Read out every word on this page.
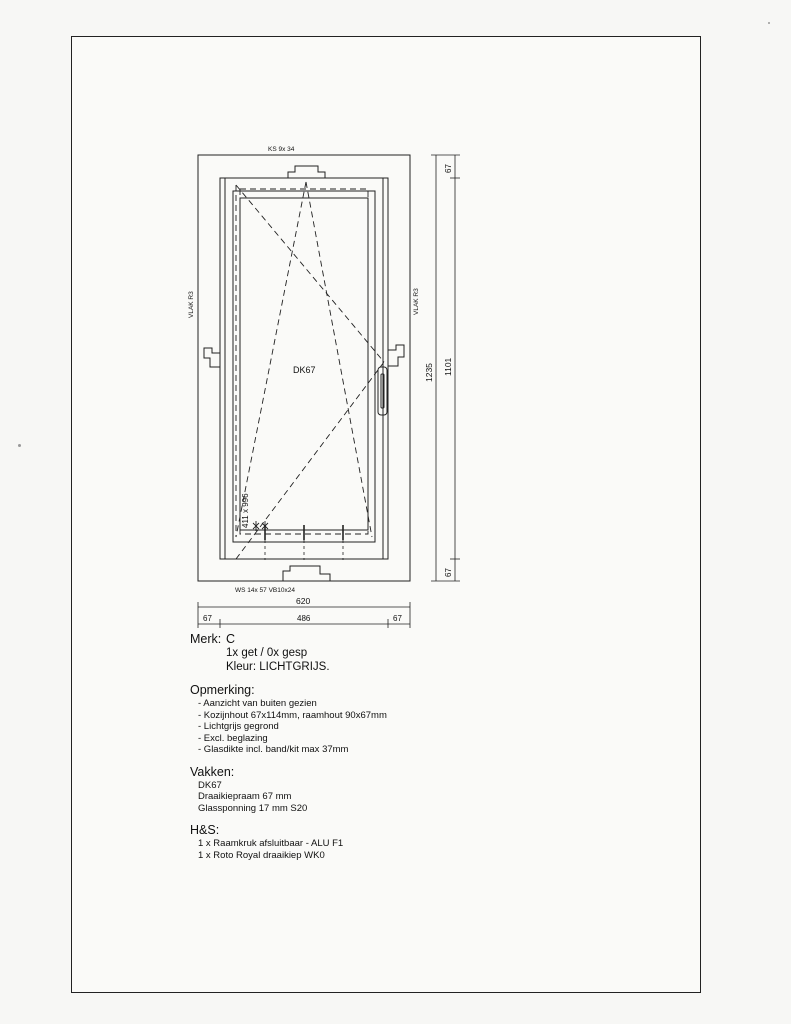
KS 9x 34
WS 14x 57 VB10x24
VLAK R3	VLAK R3
DK67
411 x 996
620
67	486	67
1235 1101
67
67
Merk: C
1x get / 0x gesp
Kleur: LICHTGRIJS.
Opmerking:
- Aanzicht van buiten gezien
- Kozijnhout 67x114mm, raamhout 90x67mm
- Lichtgrijs gegrond
- Excl. beglazing
- Glasdikte incl. band/kit max 37mm
Vakken:
DK67
Draaikiepraam 67 mm
Glassponning 17 mm S20
H&S:
1 x Raamkruk afsluitbaar - ALU F1
1 x Roto Royal draaikiep WK0
